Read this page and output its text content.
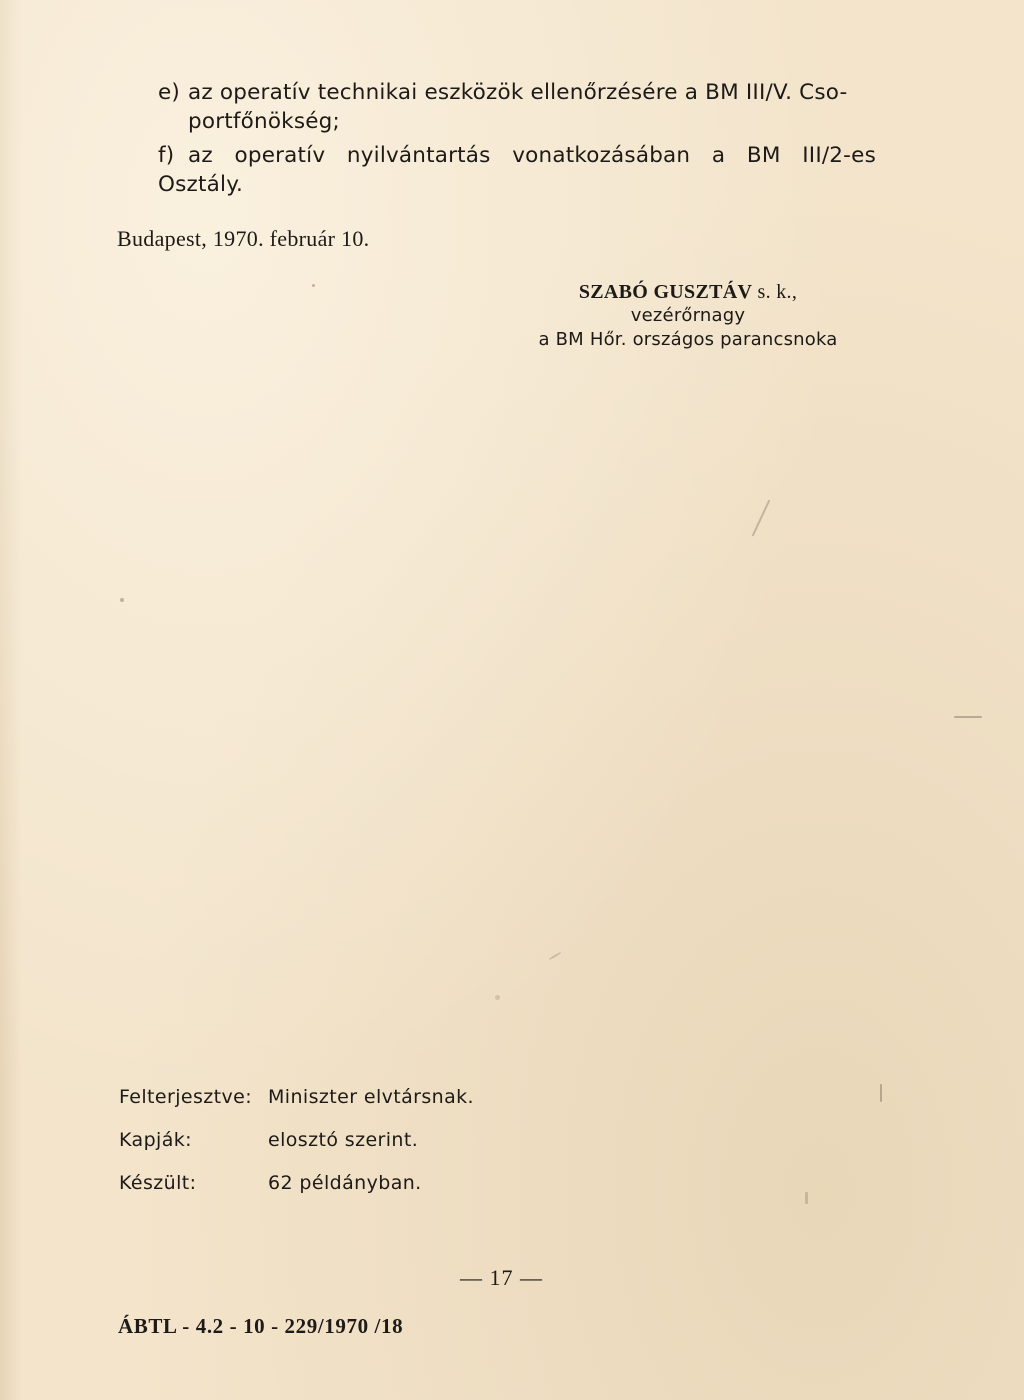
e) az operatív technikai eszközök ellenőrzésére a BM III/V. Cso-
portfőnökség;
f) az operatív nyilvántartás vonatkozásában a BM III/2-es
Osztály.
Budapest, 1970. február 10.
SZABÓ GUSZTÁV s. k.,
vezérőrnagy
a BM Hőr. országos parancsnoka
Felterjesztve: Miniszter elvtársnak.
Kapják:	elosztó szerint.
Készült:	62 példányban.
— 17 —
ÁBTL - 4.2 - 10 - 229/1970 /18
